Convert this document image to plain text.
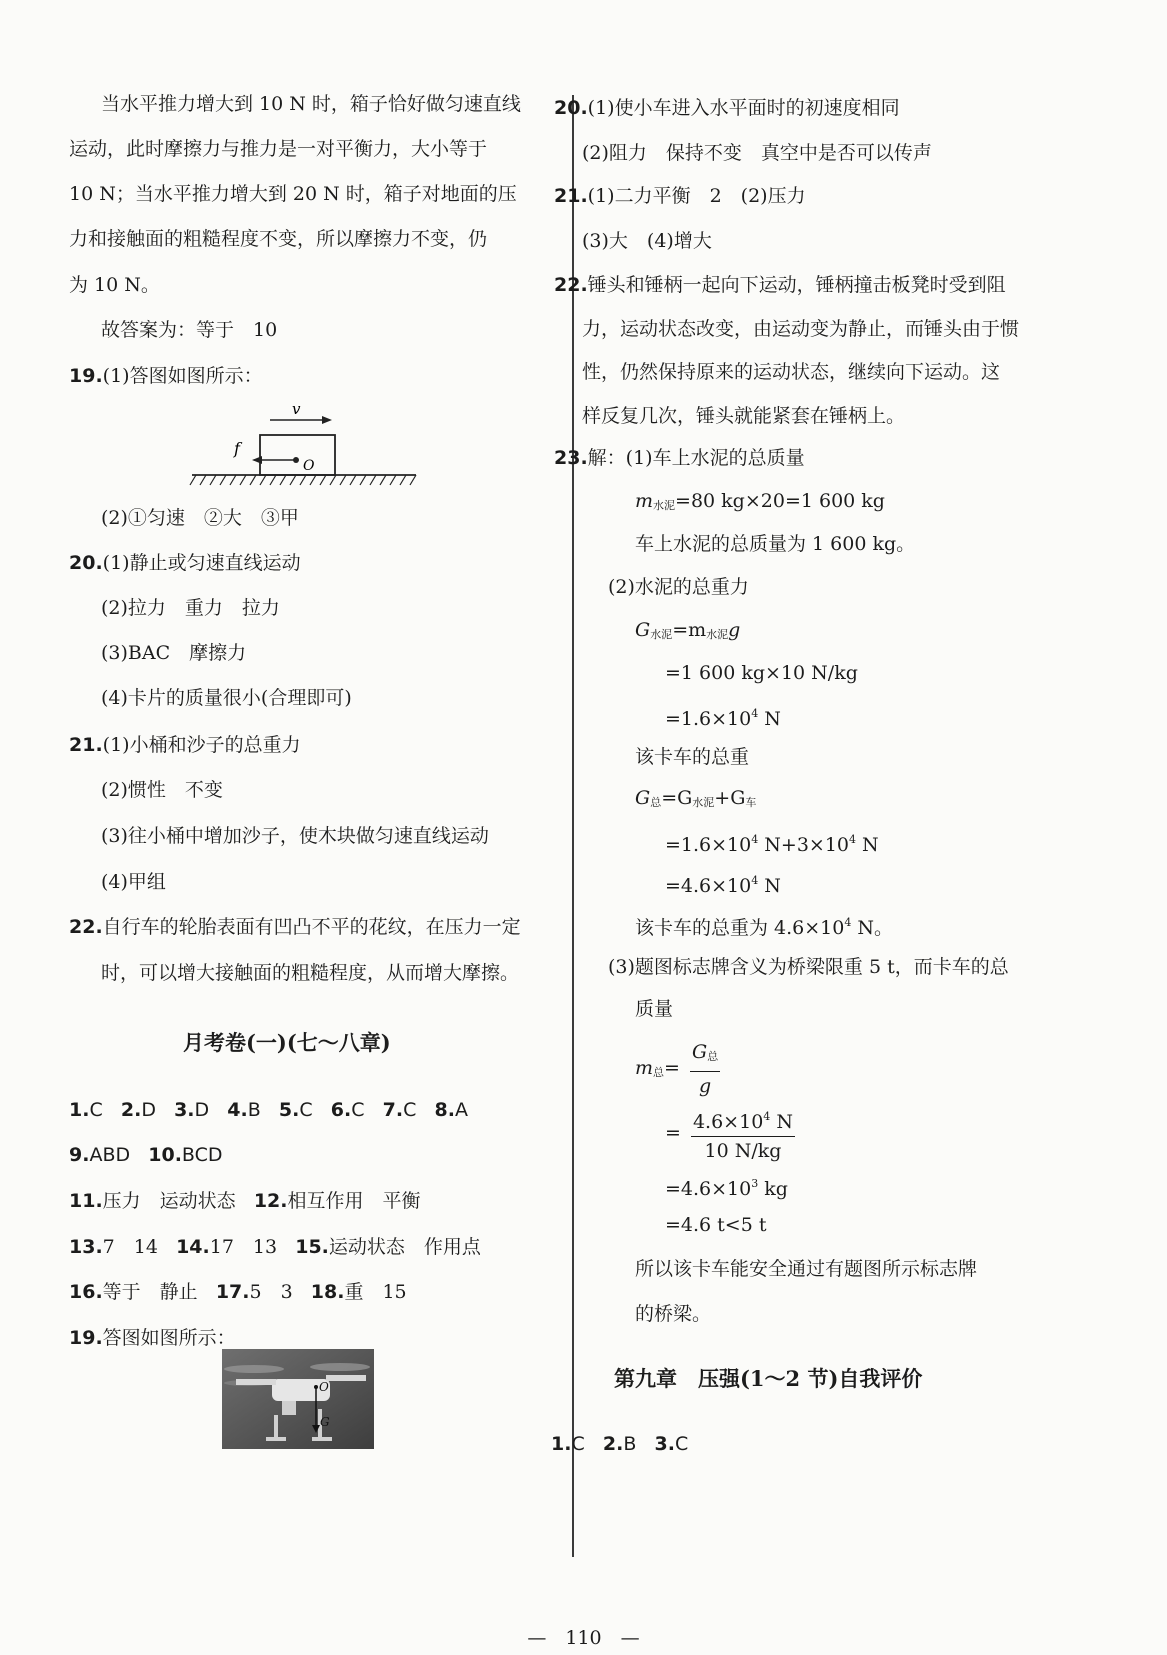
当水平推力增大到 10 N 时，箱子恰好做匀速直线
运动，此时摩擦力与推力是一对平衡力，大小等于
10 N；当水平推力增大到 20 N 时，箱子对地面的压
力和接触面的粗糙程度不变，所以摩擦力不变，仍
为 10 N。
故答案为：等于　10
19.(1)答图如图所示：
v
f
O
(2)①匀速　②大　③甲
20.(1)静止或匀速直线运动
(2)拉力　重力　拉力
(3)BAC　摩擦力
(4)卡片的质量很小(合理即可)
21.(1)小桶和沙子的总重力
(2)惯性　不变
(3)往小桶中增加沙子，使木块做匀速直线运动
(4)甲组
22.自行车的轮胎表面有凹凸不平的花纹，在压力一定
时，可以增大接触面的粗糙程度，从而增大摩擦。
月考卷(一)(七～八章)
1.C 2.D 3.D 4.B 5.C 6.C 7.C 8.A
9.ABD 10.BCD
11.压力　运动状态 12.相互作用　平衡
13.7　14 14.17　13 15.运动状态　作用点
16.等于　静止 17.5　3 18.重　15
19.答图如图所示：
O
G
20.(1)使小车进入水平面时的初速度相同
(2)阻力　保持不变　真空中是否可以传声
21.(1)二力平衡　2　(2)压力
(3)大　(4)增大
22.锤头和锤柄一起向下运动，锤柄撞击板凳时受到阻
力，运动状态改变，由运动变为静止，而锤头由于惯
性，仍然保持原来的运动状态，继续向下运动。这
样反复几次，锤头就能紧套在锤柄上。
23.解：(1)车上水泥的总质量
$m_{水泥}=80$ kg×20=1 600 kg
车上水泥的总质量为 1 600 kg。
(2)水泥的总重力
$G_{水泥}=m_{水泥}g$
=1 600 kg×10 N/kg
$=1.6\times 10^4$ N
该卡车的总重
$G_总=G_{水泥}+G_车$
$=1.6\times 10^4$ $N+3\times 10^4$ N
$=4.6\times 10^4$ N
该卡车的总重为 $4.6\times 10^4$ N。
(3)题图标志牌含义为桥梁限重 5 t，而卡车的总
质量
$m_总= \frac{G_总}{g}$
= $\frac{4.6\times 10^4 N}{10 N/kg}$
$=4.6\times 10^3$ kg
=4.6 t<5 t
所以该卡车能安全通过有题图所示标志牌
的桥梁。
第九章　压强(1～2 节)自我评价
1.C 2.B 3.C
—　110　—
